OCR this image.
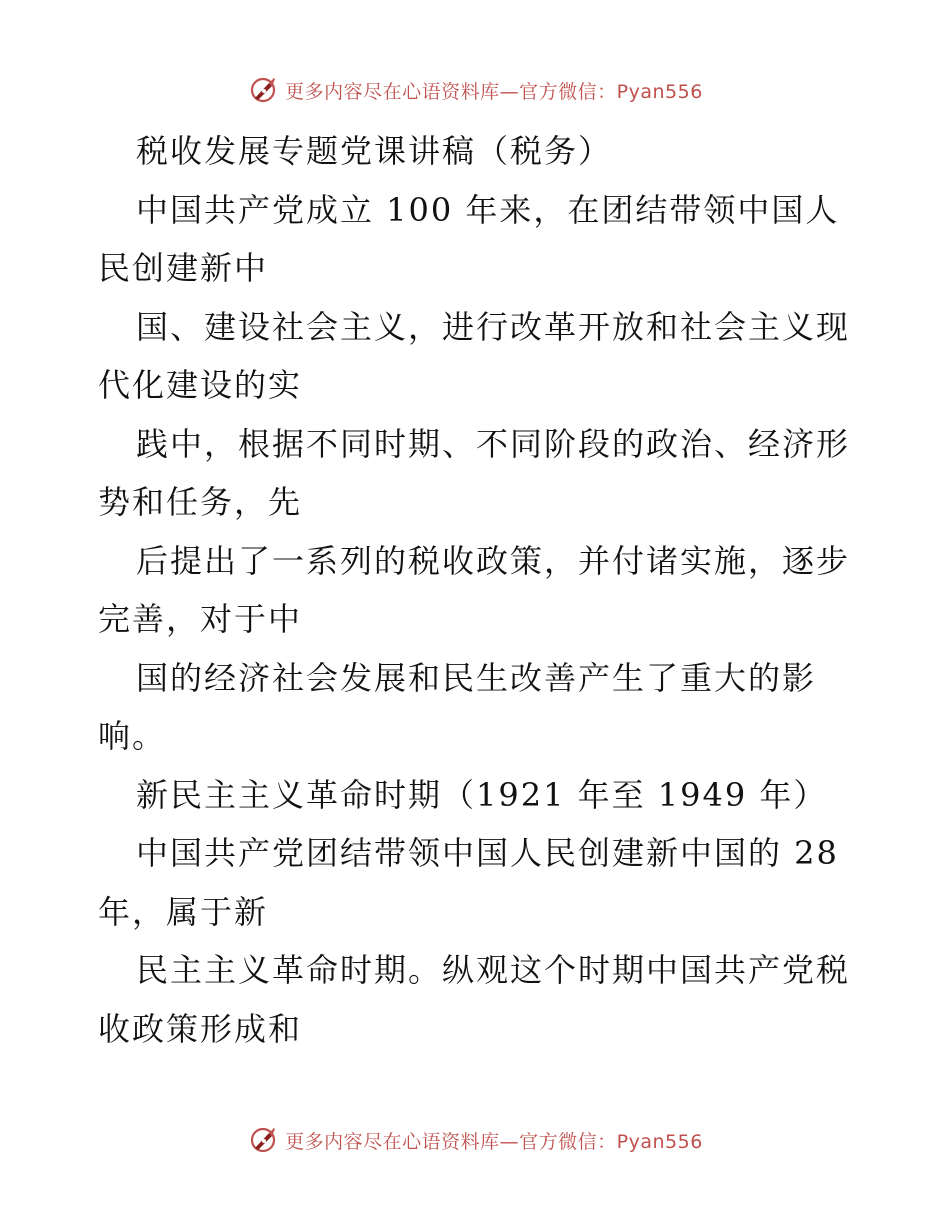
更多内容尽在心语资料库—官方微信：Pyan556
税收发展专题党课讲稿（税务）
中国共产党成立 100 年来，在团结带领中国人
民创建新中
国、建设社会主义，进行改革开放和社会主义现
代化建设的实
践中，根据不同时期、不同阶段的政治、经济形
势和任务，先
后提出了一系列的税收政策，并付诸实施，逐步
完善，对于中
国的经济社会发展和民生改善产生了重大的影
响。
新民主主义革命时期（1921 年至 1949 年）
中国共产党团结带领中国人民创建新中国的 28
年，属于新
民主主义革命时期。纵观这个时期中国共产党税
收政策形成和
更多内容尽在心语资料库—官方微信：Pyan556
